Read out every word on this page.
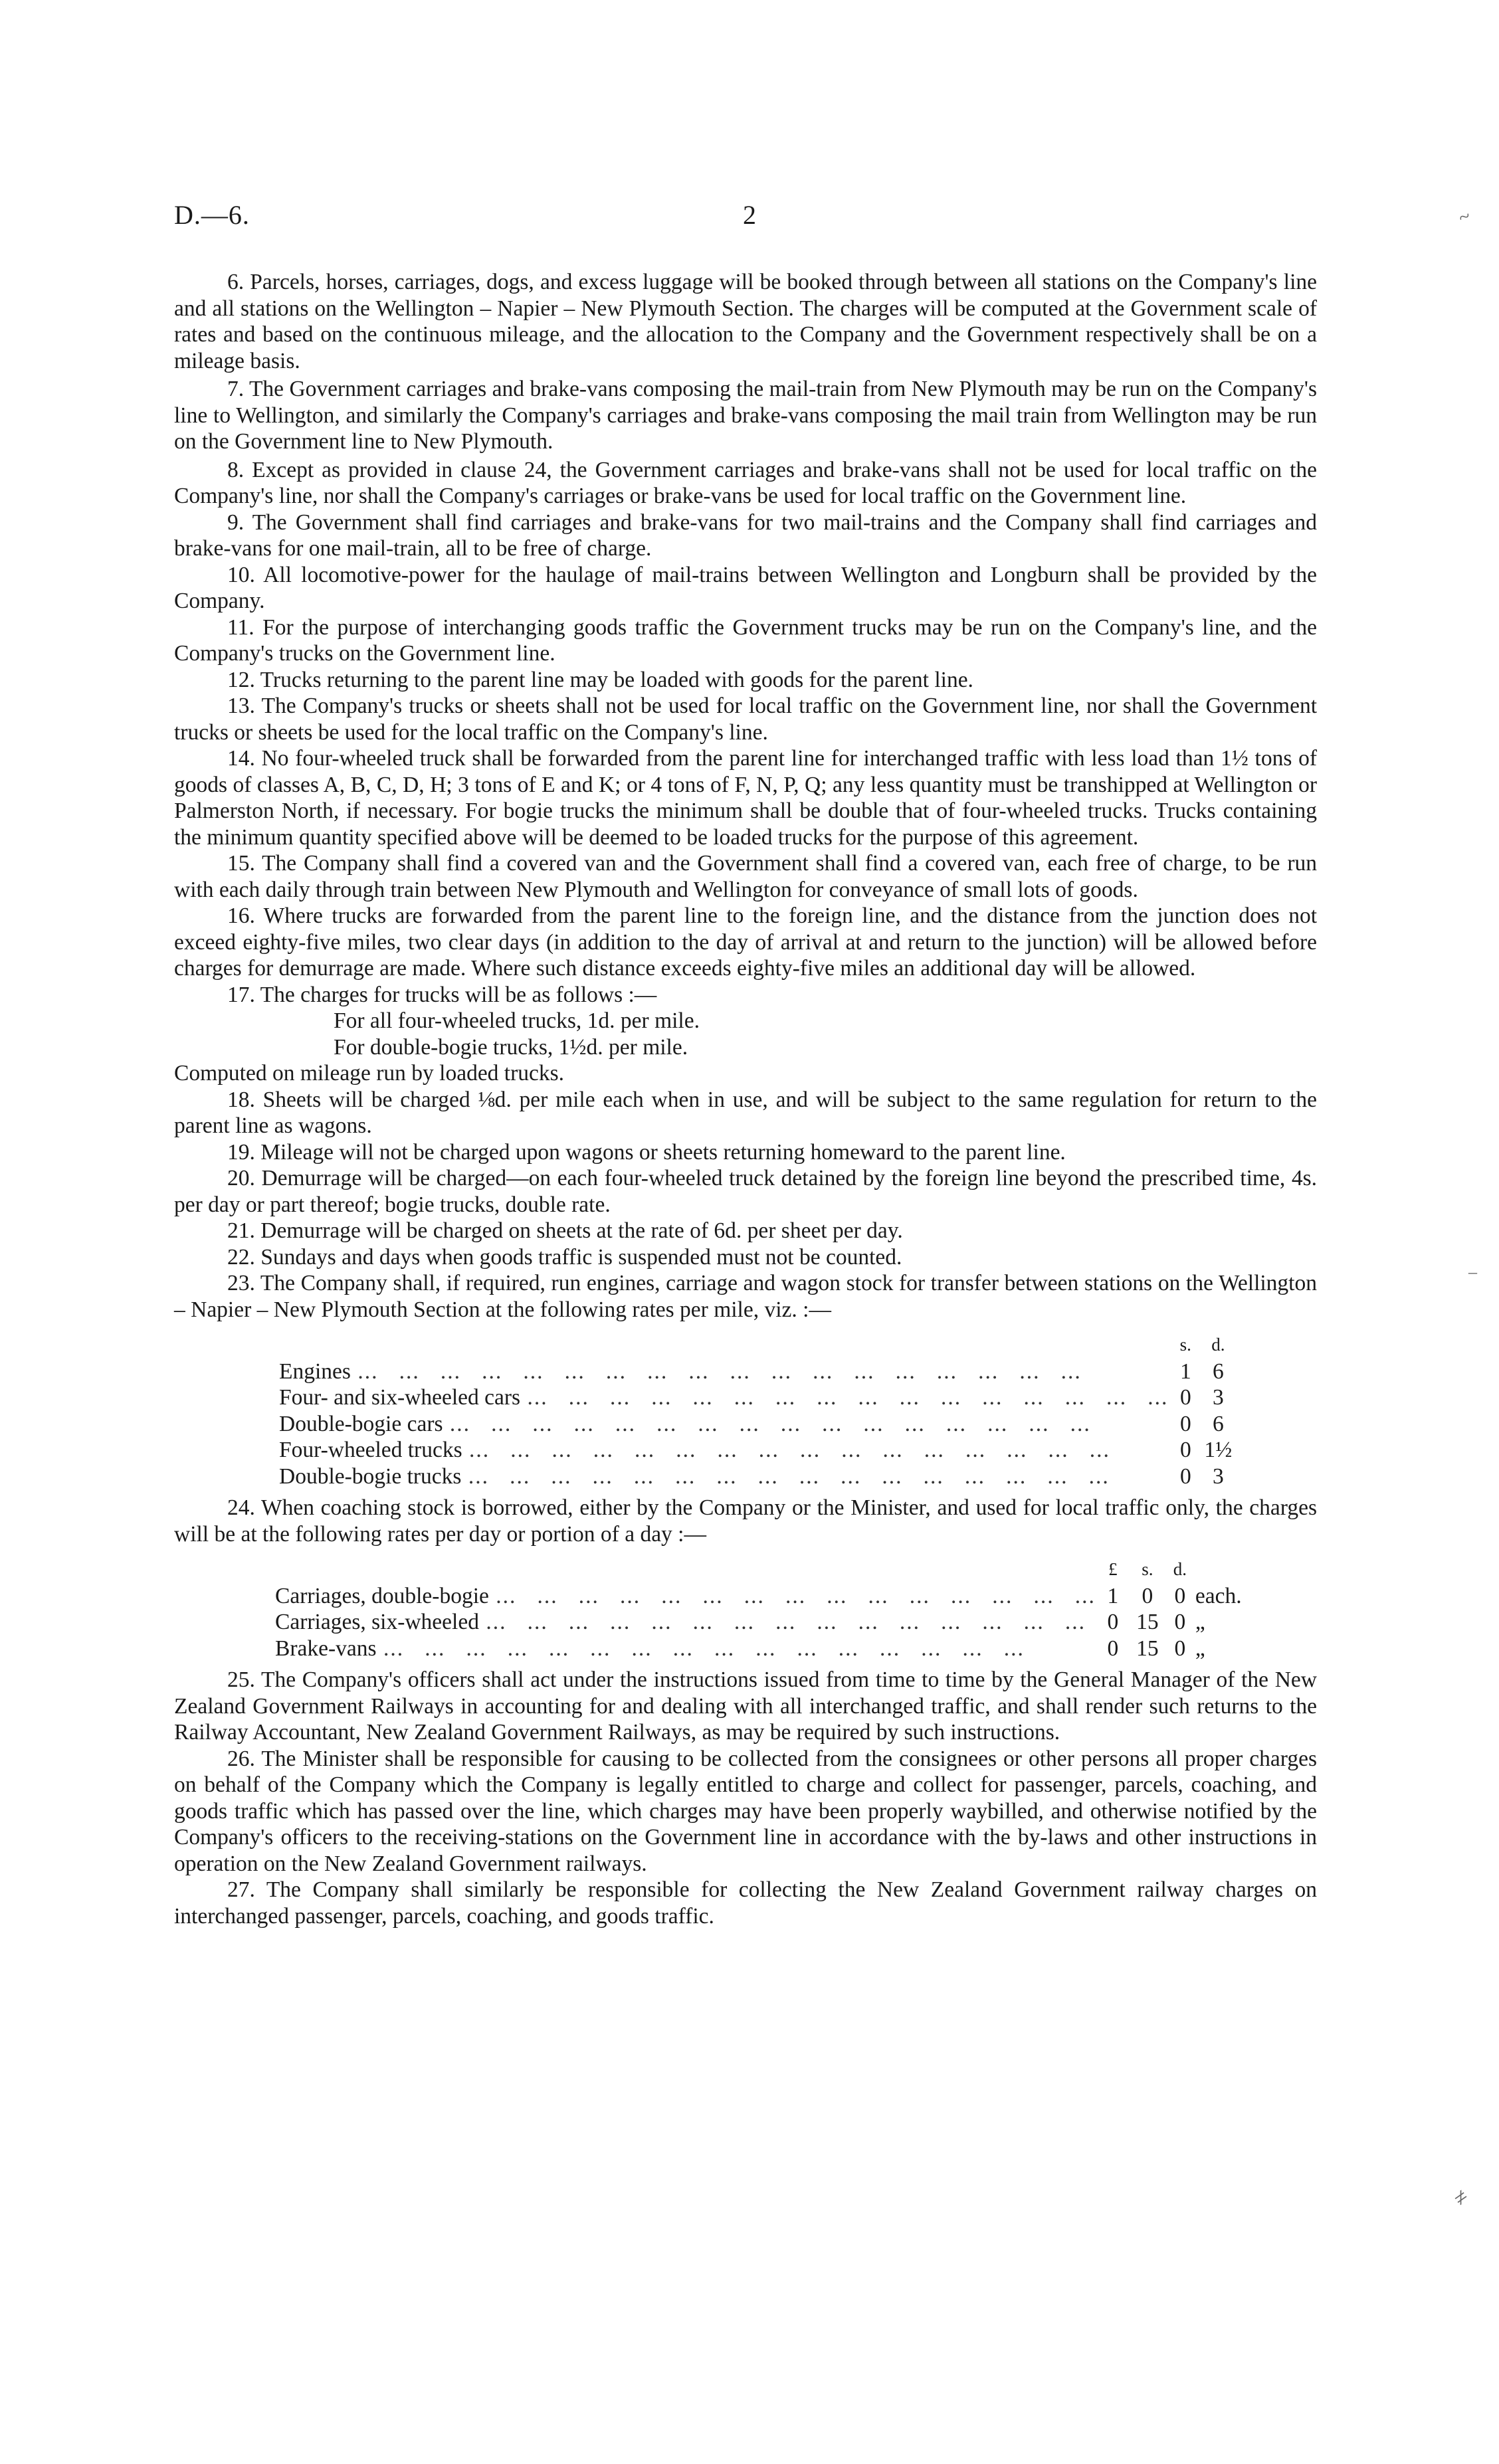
2
D.—6.

6. Parcels, horses, carriages, dogs, and excess luggage will be booked through between all stations on the Company's line and all stations on the Wellington – Napier – New Plymouth Section. The charges will be computed at the Government scale of rates and based on the continuous mileage, and the allocation to the Company and the Government respectively shall be on a mileage basis.

7. The Government carriages and brake-vans composing the mail-train from New Plymouth may be run on the Company's line to Wellington, and similarly the Company's carriages and brake-vans composing the mail train from Wellington may be run on the Government line to New Plymouth.

8. Except as provided in clause 24, the Government carriages and brake-vans shall not be used for local traffic on the Company's line, nor shall the Company's carriages or brake-vans be used for local traffic on the Government line.

9. The Government shall find carriages and brake-vans for two mail-trains and the Company shall find carriages and brake-vans for one mail-train, all to be free of charge.

10. All locomotive-power for the haulage of mail-trains between Wellington and Longburn shall be provided by the Company.

11. For the purpose of interchanging goods traffic the Government trucks may be run on the Company's line, and the Company's trucks on the Government line.

12. Trucks returning to the parent line may be loaded with goods for the parent line.

13. The Company's trucks or sheets shall not be used for local traffic on the Government line, nor shall the Government trucks or sheets be used for the local traffic on the Company's line.

14. No four-wheeled truck shall be forwarded from the parent line for interchanged traffic with less load than 1½ tons of goods of classes A, B, C, D, H; 3 tons of E and K; or 4 tons of F, N, P, Q; any less quantity must be transhipped at Wellington or Palmerston North, if necessary. For bogie trucks the minimum shall be double that of four-wheeled trucks. Trucks containing the minimum quantity specified above will be deemed to be loaded trucks for the purpose of this agreement.

15. The Company shall find a covered van and the Government shall find a covered van, each free of charge, to be run with each daily through train between New Plymouth and Wellington for conveyance of small lots of goods.

16. Where trucks are forwarded from the parent line to the foreign line, and the distance from the junction does not exceed eighty-five miles, two clear days (in addition to the day of arrival at and return to the junction) will be allowed before charges for demurrage are made. Where such distance exceeds eighty-five miles an additional day will be allowed.

17. The charges for trucks will be as follows :—

For all four-wheeled trucks, 1d. per mile.
For double-bogie trucks, 1½d. per mile.

Computed on mileage run by loaded trucks.

18. Sheets will be charged ⅛d. per mile each when in use, and will be subject to the same regulation for return to the parent line as wagons.

19. Mileage will not be charged upon wagons or sheets returning homeward to the parent line.

20. Demurrage will be charged—on each four-wheeled truck detained by the foreign line beyond the prescribed time, 4s. per day or part thereof; bogie trucks, double rate.

21. Demurrage will be charged on sheets at the rate of 6d. per sheet per day.

22. Sundays and days when goods traffic is suspended must not be counted.

23. The Company shall, if required, run engines, carriage and wagon stock for transfer between stations on the Wellington – Napier – New Plymouth Section at the following rates per mile, viz. :—

	s.	d.
Engines ...   ...   ...   ...   ...   ...   ...   ...   ...   ...   ...   ...   ...   ...   ...   ...   ...   ...	1	6
Four- and six-wheeled cars ...   ...   ...   ...   ...   ...   ...   ...   ...   ...   ...   ...   ...   ...   ...   ...	0	3
Double-bogie cars ...   ...   ...   ...   ...   ...   ...   ...   ...   ...   ...   ...   ...   ...   ...   ...	0	6
Four-wheeled trucks ...   ...   ...   ...   ...   ...   ...   ...   ...   ...   ...   ...   ...   ...   ...   ...	0	1½
Double-bogie trucks ...   ...   ...   ...   ...   ...   ...   ...   ...   ...   ...   ...   ...   ...   ...   ...	0	3

24. When coaching stock is borrowed, either by the Company or the Minister, and used for local traffic only, the charges will be at the following rates per day or portion of a day :—

	£	s.	d.	
Carriages, double-bogie ...   ...   ...   ...   ...   ...   ...   ...   ...   ...   ...   ...   ...   ...   ...	1	0	0	each.
Carriages, six-wheeled ...   ...   ...   ...   ...   ...   ...   ...   ...   ...   ...   ...   ...   ...   ...	0	15	0	„
Brake-vans ...   ...   ...   ...   ...   ...   ...   ...   ...   ...   ...   ...   ...   ...   ...   ...	0	15	0	„

25. The Company's officers shall act under the instructions issued from time to time by the General Manager of the New Zealand Government Railways in accounting for and dealing with all interchanged traffic, and shall render such returns to the Railway Accountant, New Zealand Government Railways, as may be required by such instructions.

26. The Minister shall be responsible for causing to be collected from the consignees or other persons all proper charges on behalf of the Company which the Company is legally entitled to charge and collect for passenger, parcels, coaching, and goods traffic which has passed over the line, which charges may have been properly waybilled, and otherwise notified by the Company's officers to the receiving-stations on the Government line in accordance with the by-laws and other instructions in operation on the New Zealand Government railways.

27. The Company shall similarly be responsible for collecting the New Zealand Government railway charges on interchanged passenger, parcels, coaching, and goods traffic.

~
–
≠
